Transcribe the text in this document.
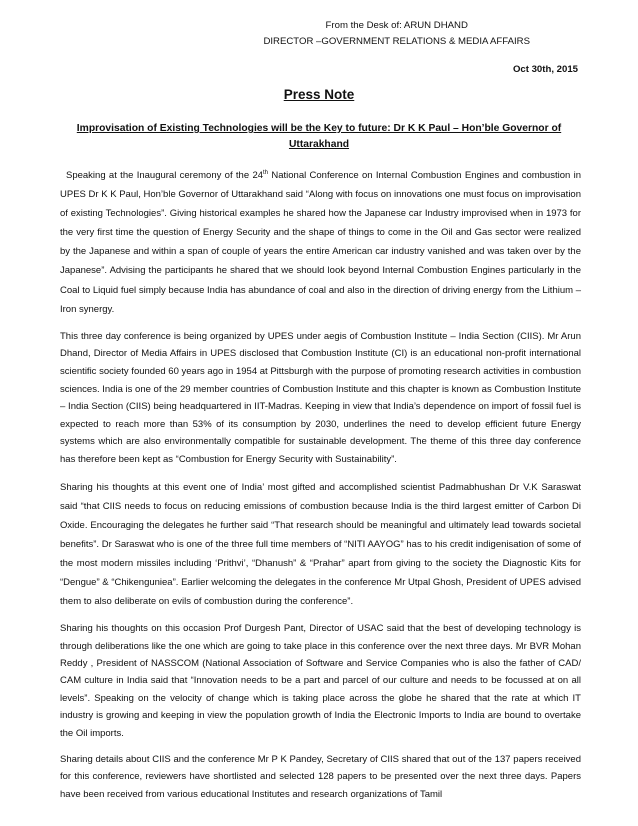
From the Desk of: ARUN DHAND
DIRECTOR –GOVERNMENT RELATIONS & MEDIA AFFAIRS
Oct 30th, 2015
Press Note
Improvisation of Existing Technologies will be the Key to future: Dr K K Paul – Hon’ble Governor of Uttarakhand

Speaking at the Inaugural ceremony of the 24th National Conference on Internal Combustion Engines and combustion in UPES Dr K K Paul, Hon’ble Governor of Uttarakhand said “Along with focus on innovations one must focus on improvisation of existing Technologies”. Giving historical examples he shared how the Japanese car Industry improvised when in 1973 for the very first time the question of Energy Security and the shape of things to come in the Oil and Gas sector were realized by the Japanese and within a span of couple of years the entire American car industry vanished and was taken over by the Japanese”. Advising the participants he shared that we should look beyond Internal Combustion Engines particularly in the Coal to Liquid fuel simply because India has abundance of coal and also in the direction of driving energy from the Lithium – Iron synergy.

This three day conference is being organized by UPES under aegis of Combustion Institute – India Section (CIIS). Mr Arun Dhand, Director of Media Affairs in UPES disclosed that Combustion Institute (CI) is an educational non-profit international scientific society founded 60 years ago in 1954 at Pittsburgh with the purpose of promoting research activities in combustion sciences. India is one of the 29 member countries of Combustion Institute and this chapter is known as Combustion Institute – India Section (CIIS) being headquartered in IIT-Madras. Keeping in view that India’s dependence on import of fossil fuel is expected to reach more than 53% of its consumption by 2030, underlines the need to develop efficient future Energy systems which are also environmentally compatible for sustainable development. The theme of this three day conference has therefore been kept as “Combustion for Energy Security with Sustainability”.

Sharing his thoughts at this event one of India’ most gifted and accomplished scientist Padmabhushan Dr V.K Saraswat said “that CIIS needs to focus on reducing emissions of combustion because India is the third largest emitter of Carbon Di Oxide. Encouraging the delegates he further said “That research should be meaningful and ultimately lead towards societal benefits”. Dr Saraswat who is one of the three full time members of “NITI AAYOG” has to his credit indigenisation of some of the most modern missiles including ‘Prithvi’, “Dhanush” & “Prahar” apart from giving to the society the Diagnostic Kits for “Dengue” & “Chikenguniea”. Earlier welcoming the delegates in the conference Mr Utpal Ghosh, President of UPES advised them to also deliberate on evils of combustion during the conference”.

Sharing his thoughts on this occasion Prof Durgesh Pant, Director of USAC said that the best of developing technology is through deliberations like the one which are going to take place in this conference over the next three days. Mr BVR Mohan Reddy , President of NASSCOM (National Association of Software and Service Companies who is also the father of CAD/ CAM culture in India said that “Innovation needs to be a part and parcel of our culture and needs to be focussed at on all levels”. Speaking on the velocity of change which is taking place across the globe he shared that the rate at which IT industry is growing and keeping in view the population growth of India the Electronic Imports to India are bound to overtake the Oil imports.

Sharing details about CIIS and the conference Mr P K Pandey, Secretary of CIIS shared that out of the 137 papers received for this conference, reviewers have shortlisted and selected 128 papers to be presented over the next three days. Papers have been received from various educational Institutes and research organizations of Tamil
